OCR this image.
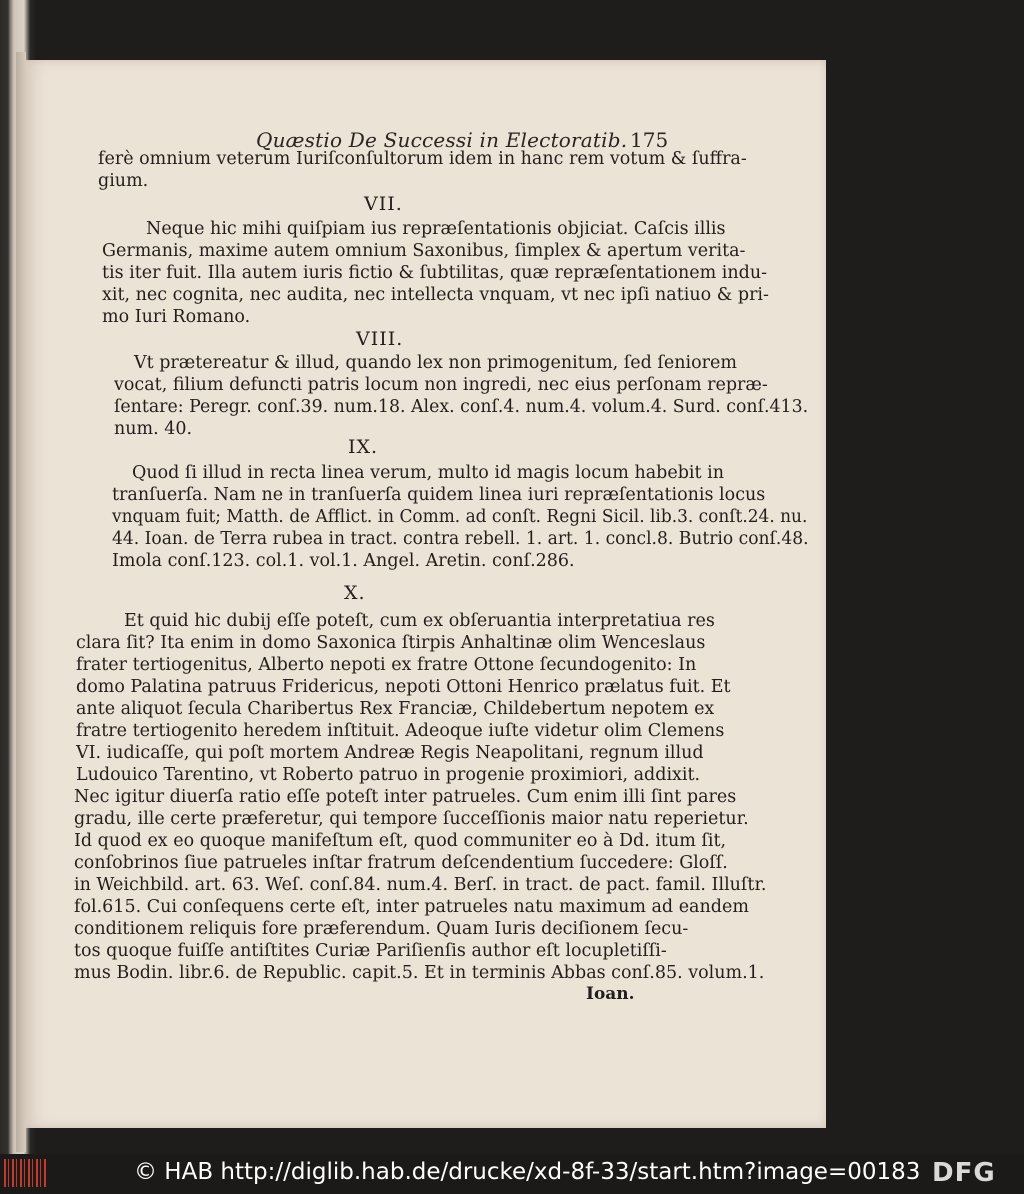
Quæstio De Successi in Electoratib. 175
ferè omnium veterum Iuriſconſultorum idem in hanc rem votum & ſuffra-
gium.
VII.
Neque hic mihi quiſpiam ius repræſentationis objiciat. Caſcis illis
Germanis, maxime autem omnium Saxonibus, ſimplex & apertum verita-
tis iter fuit. Illa autem iuris fictio & ſubtilitas, quæ repræſentationem indu-
xit, nec cognita, nec audita, nec intellecta vnquam, vt nec ipſi natiuo & pri-
mo Iuri Romano.
VIII.
Vt prætereatur & illud, quando lex non primogenitum, ſed ſeniorem
vocat, filium defuncti patris locum non ingredi, nec eius perſonam repræ-
ſentare: Peregr. conſ.39. num.18. Alex. conſ.4. num.4. volum.4. Surd. conſ.413.
num. 40.
IX.
Quod ſi illud in recta linea verum, multo id magis locum habebit in
tranſuerſa. Nam ne in tranſuerſa quidem linea iuri repræſentationis locus
vnquam fuit; Matth. de Afflict. in Comm. ad conſt. Regni Sicil. lib.3. conſt.24. nu.
44. Ioan. de Terra rubea in tract. contra rebell. 1. art. 1. concl.8. Butrio conſ.48.
Imola conſ.123. col.1. vol.1. Angel. Aretin. conſ.286.
X.
Et quid hic dubij eſſe poteſt, cum ex obſeruantia interpretatiua res
clara ſit? Ita enim in domo Saxonica ſtirpis Anhaltinæ olim Wenceslaus
frater tertiogenitus, Alberto nepoti ex fratre Ottone ſecundogenito: In
domo Palatina patruus Fridericus, nepoti Ottoni Henrico prælatus fuit. Et
ante aliquot ſecula Charibertus Rex Franciæ, Childebertum nepotem ex
fratre tertiogenito heredem inſtituit. Adeoque iuſte videtur olim Clemens
VI. iudicaſſe, qui poſt mortem Andreæ Regis Neapolitani, regnum illud
Ludouico Tarentino, vt Roberto patruo in progenie proximiori, addixit.
Nec igitur diuerſa ratio eſſe poteſt inter patrueles. Cum enim illi ſint pares
gradu, ille certe præferetur, qui tempore ſucceſſionis maior natu reperietur.
Id quod ex eo quoque manifeſtum eſt, quod communiter eo à Dd. itum ſit,
conſobrinos ſiue patrueles inſtar fratrum deſcendentium ſuccedere: Gloſſ.
in Weichbild. art. 63. Weſ. conſ.84. num.4. Berſ. in tract. de pact. famil. Illuſtr.
fol.615. Cui conſequens certe eſt, inter patrueles natu maximum ad eandem
conditionem reliquis fore præferendum. Quam Iuris deciſionem ſecu-
tos quoque fuiſſe antiſtites Curiæ Pariſienſis author eſt locupletiſſi-
mus Bodin. libr.6. de Republic. capit.5. Et in terminis Abbas conſ.85. volum.1.
Ioan.
© HAB http://diglib.hab.de/drucke/xd-8f-33/start.htm?image=00183 DFG
